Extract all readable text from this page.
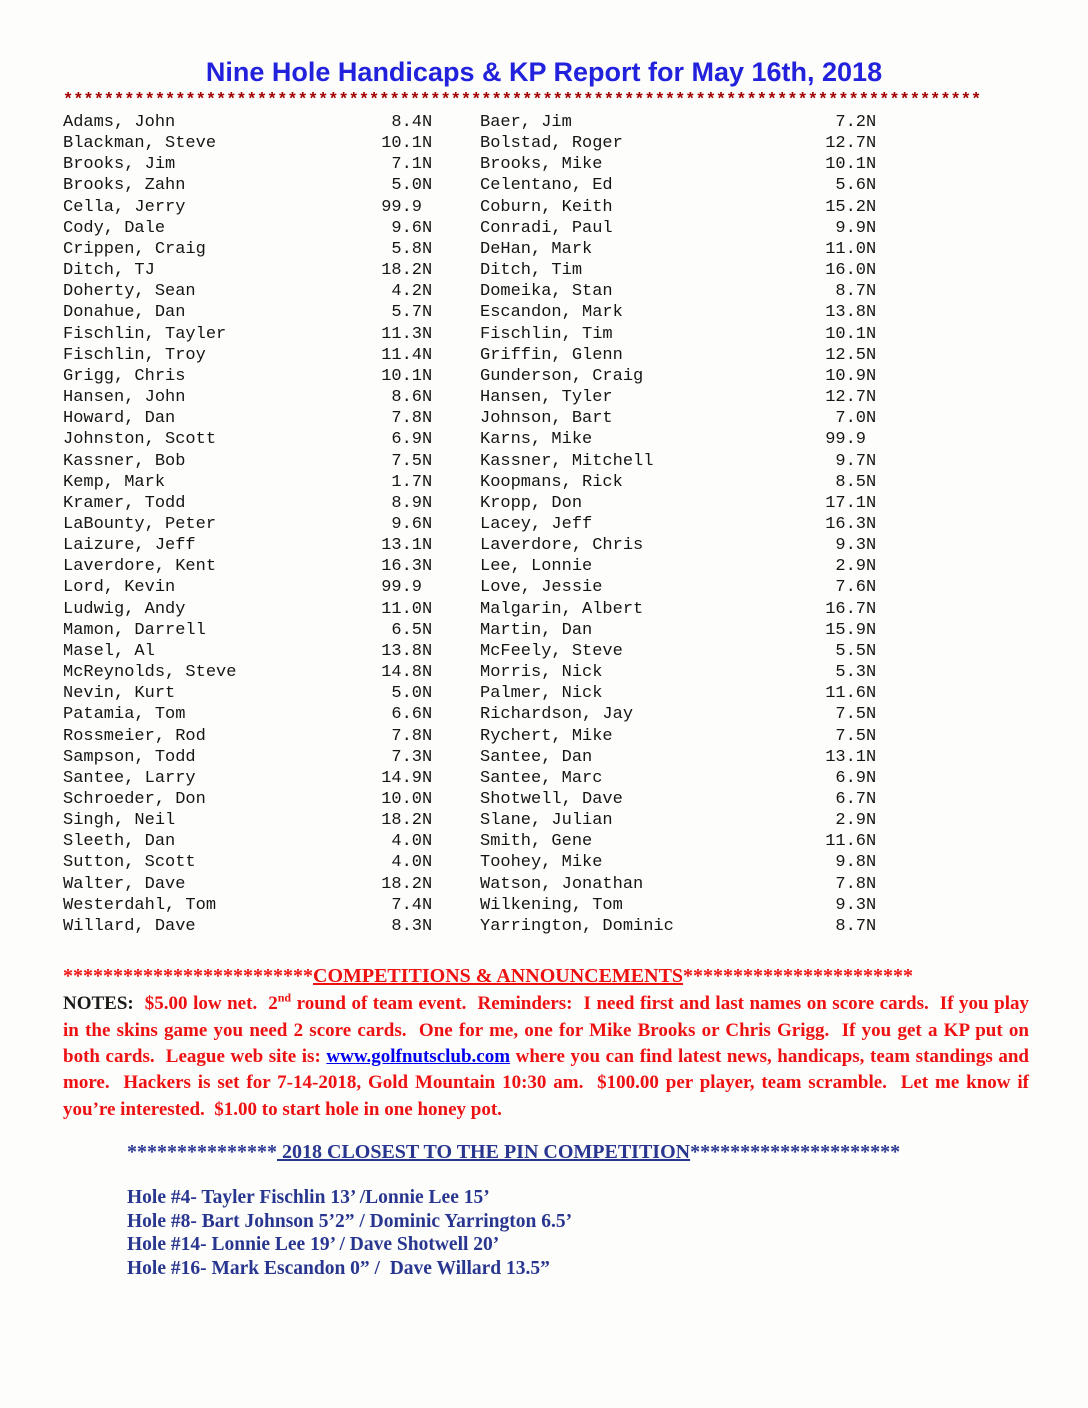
Nine Hole Handicaps & KP Report for May 16th, 2018
******************************************************************************************
Adams, John	8.4 N
Blackman, Steve	10.1 N
Brooks, Jim	7.1 N
Brooks, Zahn	5.0 N
Cella, Jerry	99.9
Cody, Dale	9.6 N
Crippen, Craig	5.8 N
Ditch, TJ	18.2 N
Doherty, Sean	4.2 N
Donahue, Dan	5.7 N
Fischlin, Tayler	11.3 N
Fischlin, Troy	11.4 N
Grigg, Chris	10.1 N
Hansen, John	8.6 N
Howard, Dan	7.8 N
Johnston, Scott	6.9 N
Kassner, Bob	7.5 N
Kemp, Mark	1.7 N
Kramer, Todd	8.9 N
LaBounty, Peter	9.6 N
Laizure, Jeff	13.1 N
Laverdore, Kent	16.3 N
Lord, Kevin	99.9
Ludwig, Andy	11.0 N
Mamon, Darrell	6.5 N
Masel, Al	13.8 N
McReynolds, Steve	14.8 N
Nevin, Kurt	5.0 N
Patamia, Tom	6.6 N
Rossmeier, Rod	7.8 N
Sampson, Todd	7.3 N
Santee, Larry	14.9 N
Schroeder, Don	10.0 N
Singh, Neil	18.2 N
Sleeth, Dan	4.0 N
Sutton, Scott	4.0 N
Walter, Dave	18.2 N
Westerdahl, Tom	7.4 N
Willard, Dave	8.3 N
Baer, Jim	7.2 N
Bolstad, Roger	12.7 N
Brooks, Mike	10.1 N
Celentano, Ed	5.6 N
Coburn, Keith	15.2 N
Conradi, Paul	9.9 N
DeHan, Mark	11.0 N
Ditch, Tim	16.0 N
Domeika, Stan	8.7 N
Escandon, Mark	13.8 N
Fischlin, Tim	10.1 N
Griffin, Glenn	12.5 N
Gunderson, Craig	10.9 N
Hansen, Tyler	12.7 N
Johnson, Bart	7.0 N
Karns, Mike	99.9
Kassner, Mitchell	9.7 N
Koopmans, Rick	8.5 N
Kropp, Don	17.1 N
Lacey, Jeff	16.3 N
Laverdore, Chris	9.3 N
Lee, Lonnie	2.9 N
Love, Jessie	7.6 N
Malgarin, Albert	16.7 N
Martin, Dan	15.9 N
McFeely, Steve	5.5 N
Morris, Nick	5.3 N
Palmer, Nick	11.6 N
Richardson, Jay	7.5 N
Rychert, Mike	7.5 N
Santee, Dan	13.1 N
Santee, Marc	6.9 N
Shotwell, Dave	6.7 N
Slane, Julian	2.9 N
Smith, Gene	11.6 N
Toohey, Mike	9.8 N
Watson, Jonathan	7.8 N
Wilkening, Tom	9.3 N
Yarrington, Dominic	8.7 N
*************************COMPETITIONS & ANNOUNCEMENTS***********************

NOTES:  $5.00 low net.  2nd round of team event.  Reminders:  I need first and last names on score cards.  If you play in the skins game you need 2 score cards.  One for me, one for Mike Brooks or Chris Grigg.  If you get a KP put on both cards.  League web site is: www.golfnutsclub.com where you can find latest news, handicaps, team standings and more.  Hackers is set for 7-14-2018, Gold Mountain 10:30 am.  $100.00 per player, team scramble.  Let me know if you’re interested.  $1.00 to start hole in one honey pot.

*************** 2018 CLOSEST TO THE PIN COMPETITION*********************
Hole #4- Tayler Fischlin 13’ /Lonnie Lee 15’
Hole #8- Bart Johnson 5’2” / Dominic Yarrington 6.5’
Hole #14- Lonnie Lee 19’ / Dave Shotwell 20’
Hole #16- Mark Escandon 0” /  Dave Willard 13.5”
